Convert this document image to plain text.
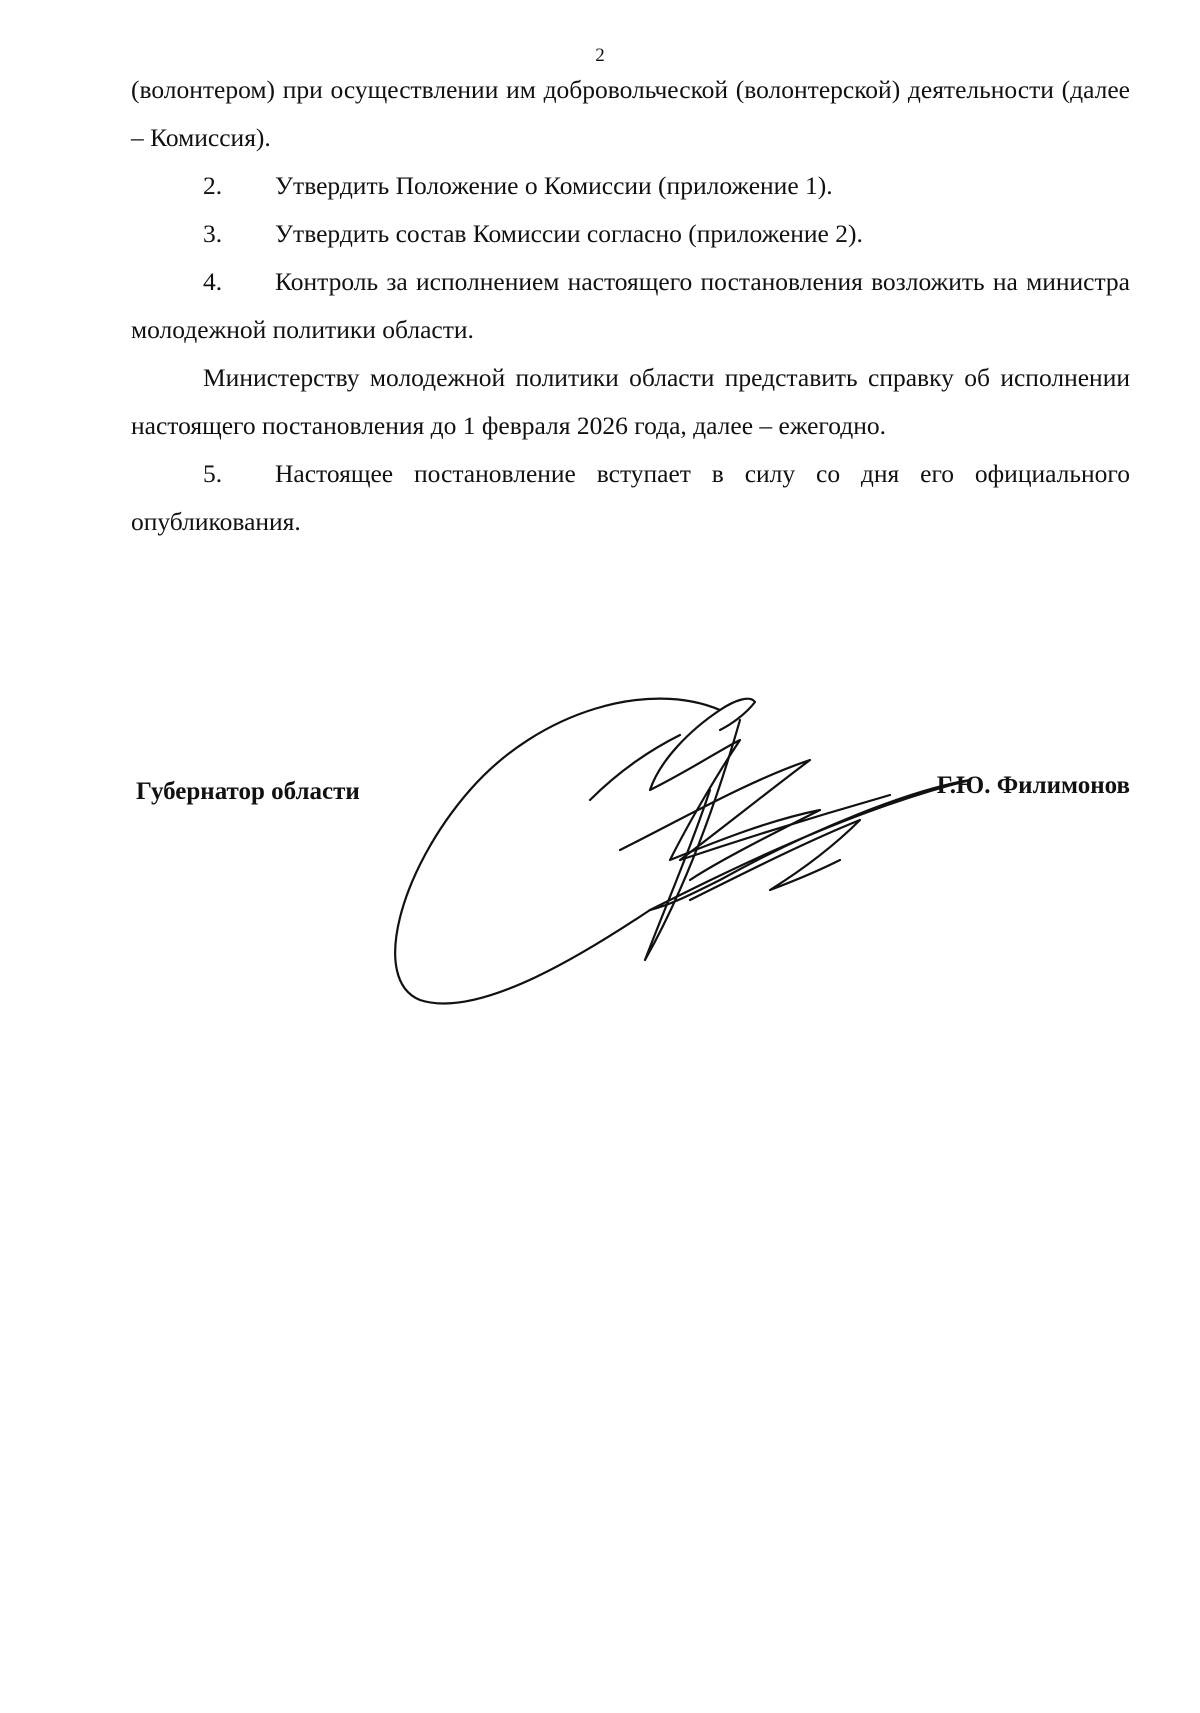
2

(волонтером) при осуществлении им добровольческой (волонтерской) деятельности (далее – Комиссия).

2. Утвердить Положение о Комиссии (приложение 1).

3. Утвердить состав Комиссии согласно (приложение 2).

4. Контроль за исполнением настоящего постановления возложить на министра молодежной политики области.

Министерству молодежной политики области представить справку об исполнении настоящего постановления до 1 февраля 2026 года, далее – ежегодно.

5. Настоящее постановление вступает в силу со дня его официального опубликования.

Губернатор области	Г.Ю. Филимонов
